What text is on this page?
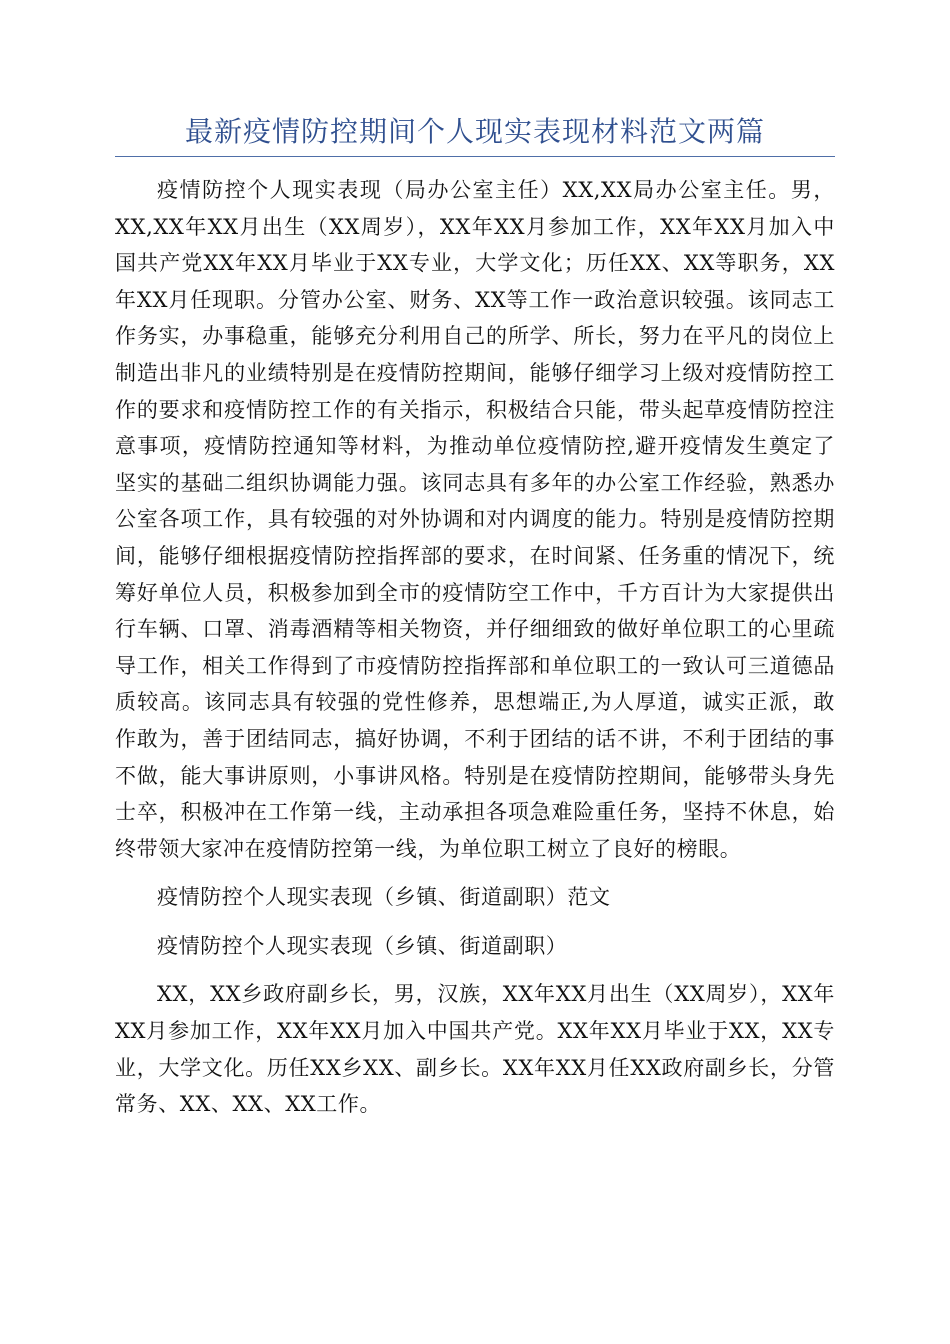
最新疫情防控期间个人现实表现材料范文两篇

疫情防控个人现实表现（局办公室主任）XX,XX局办公室主任。男，XX,XX年XX月出生（XX周岁），XX年XX月参加工作，XX年XX月加入中国共产党XX年XX月毕业于XX专业，大学文化；历任XX、XX等职务，XX年XX月任现职。分管办公室、财务、XX等工作一政治意识较强。该同志工作务实，办事稳重，能够充分利用自己的所学、所长，努力在平凡的岗位上制造出非凡的业绩特别是在疫情防控期间，能够仔细学习上级对疫情防控工作的要求和疫情防控工作的有关指示，积极结合只能，带头起草疫情防控注意事项，疫情防控通知等材料，为推动单位疫情防控,避开疫情发生奠定了坚实的基础二组织协调能力强。该同志具有多年的办公室工作经验，熟悉办公室各项工作，具有较强的对外协调和对内调度的能力。特别是疫情防控期间，能够仔细根据疫情防控指挥部的要求，在时间紧、任务重的情况下，统筹好单位人员，积极参加到全市的疫情防空工作中，千方百计为大家提供出行车辆、口罩、消毒酒精等相关物资，并仔细细致的做好单位职工的心里疏导工作，相关工作得到了市疫情防控指挥部和单位职工的一致认可三道德品质较高。该同志具有较强的党性修养，思想端正,为人厚道，诚实正派，敢作敢为，善于团结同志，搞好协调，不利于团结的话不讲，不利于团结的事不做，能大事讲原则，小事讲风格。特别是在疫情防控期间，能够带头身先士卒，积极冲在工作第一线，主动承担各项急难险重任务，坚持不休息，始终带领大家冲在疫情防控第一线，为单位职工树立了良好的榜眼。

疫情防控个人现实表现（乡镇、街道副职）范文

疫情防控个人现实表现（乡镇、街道副职）

XX，XX乡政府副乡长，男，汉族，XX年XX月出生（XX周岁），XX年XX月参加工作，XX年XX月加入中国共产党。XX年XX月毕业于XX，XX专业，大学文化。历任XX乡XX、副乡长。XX年XX月任XX政府副乡长，分管常务、XX、XX、XX工作。
